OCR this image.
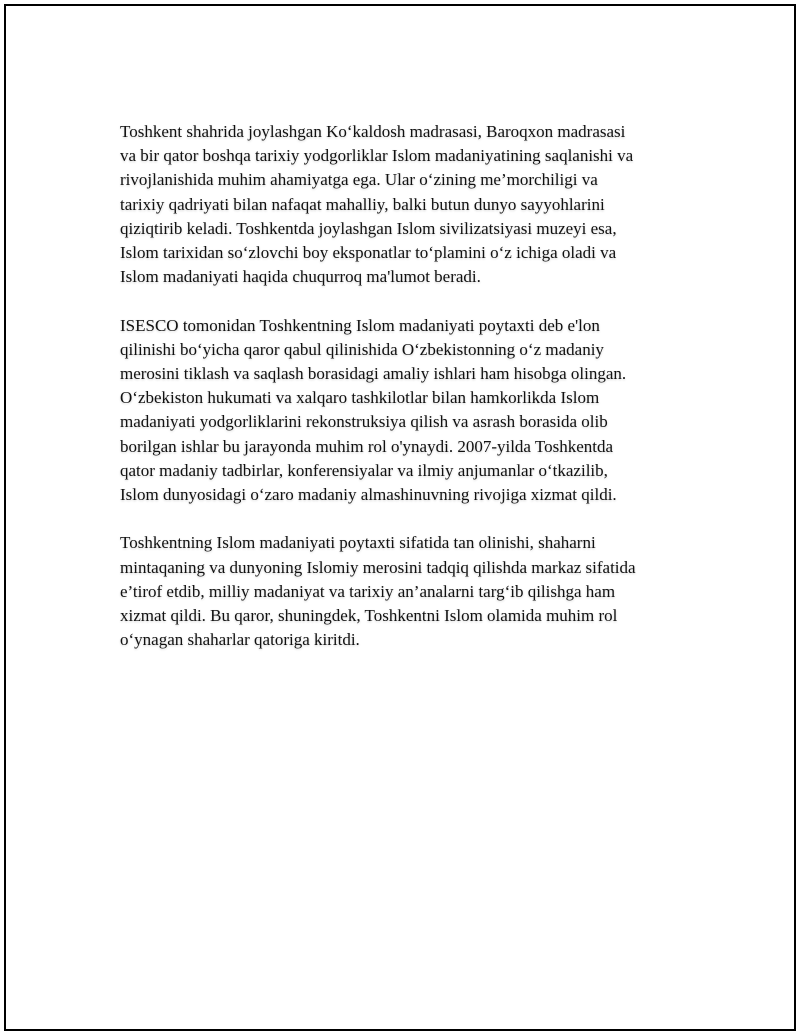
Toshkent shahrida joylashgan Ko‘kaldosh madrasasi, Baroqxon madrasasi
va bir qator boshqa tarixiy yodgorliklar Islom madaniyatining saqlanishi va
rivojlanishida muhim ahamiyatga ega. Ular o‘zining me’morchiligi va
tarixiy qadriyati bilan nafaqat mahalliy, balki butun dunyo sayyohlarini
qiziqtirib keladi. Toshkentda joylashgan Islom sivilizatsiyasi muzeyi esa,
Islom tarixidan so‘zlovchi boy eksponatlar to‘plamini o‘z ichiga oladi va
Islom madaniyati haqida chuqurroq ma'lumot beradi.

ISESCO tomonidan Toshkentning Islom madaniyati poytaxti deb e'lon
qilinishi bo‘yicha qaror qabul qilinishida O‘zbekistonning o‘z madaniy
merosini tiklash va saqlash borasidagi amaliy ishlari ham hisobga olingan.
O‘zbekiston hukumati va xalqaro tashkilotlar bilan hamkorlikda Islom
madaniyati yodgorliklarini rekonstruksiya qilish va asrash borasida olib
borilgan ishlar bu jarayonda muhim rol o'ynaydi. 2007-yilda Toshkentda
qator madaniy tadbirlar, konferensiyalar va ilmiy anjumanlar o‘tkazilib,
Islom dunyosidagi o‘zaro madaniy almashinuvning rivojiga xizmat qildi.

Toshkentning Islom madaniyati poytaxti sifatida tan olinishi, shaharni
mintaqaning va dunyoning Islomiy merosini tadqiq qilishda markaz sifatida
e’tirof etdib, milliy madaniyat va tarixiy an’analarni targ‘ib qilishga ham
xizmat qildi. Bu qaror, shuningdek, Toshkentni Islom olamida muhim rol
o‘ynagan shaharlar qatoriga kiritdi.
